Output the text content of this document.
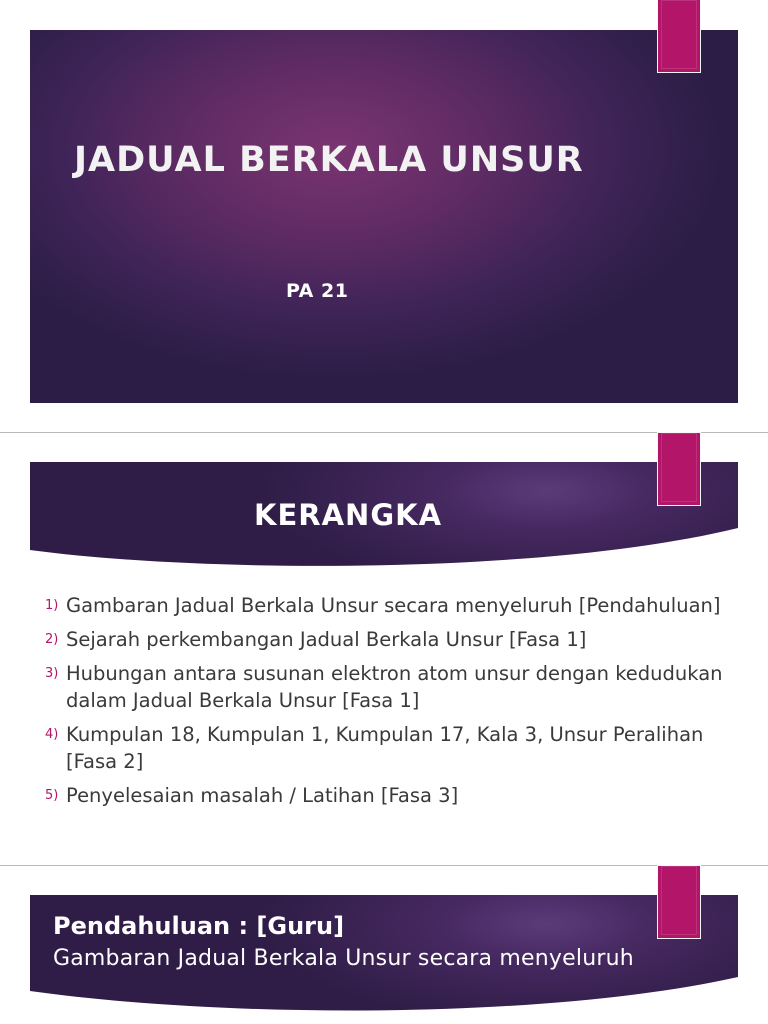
JADUAL BERKALA UNSUR
PA 21
KERANGKA
1) Gambaran Jadual Berkala Unsur secara menyeluruh [Pendahuluan]
2) Sejarah perkembangan Jadual Berkala Unsur [Fasa 1]
3) Hubungan antara susunan elektron atom unsur dengan kedudukan dalam Jadual Berkala Unsur [Fasa 1]
4) Kumpulan 18, Kumpulan 1, Kumpulan 17, Kala 3, Unsur Peralihan [Fasa 2]
5) Penyelesaian masalah / Latihan [Fasa 3]
Pendahuluan : [Guru]
Gambaran Jadual Berkala Unsur secara menyeluruh
